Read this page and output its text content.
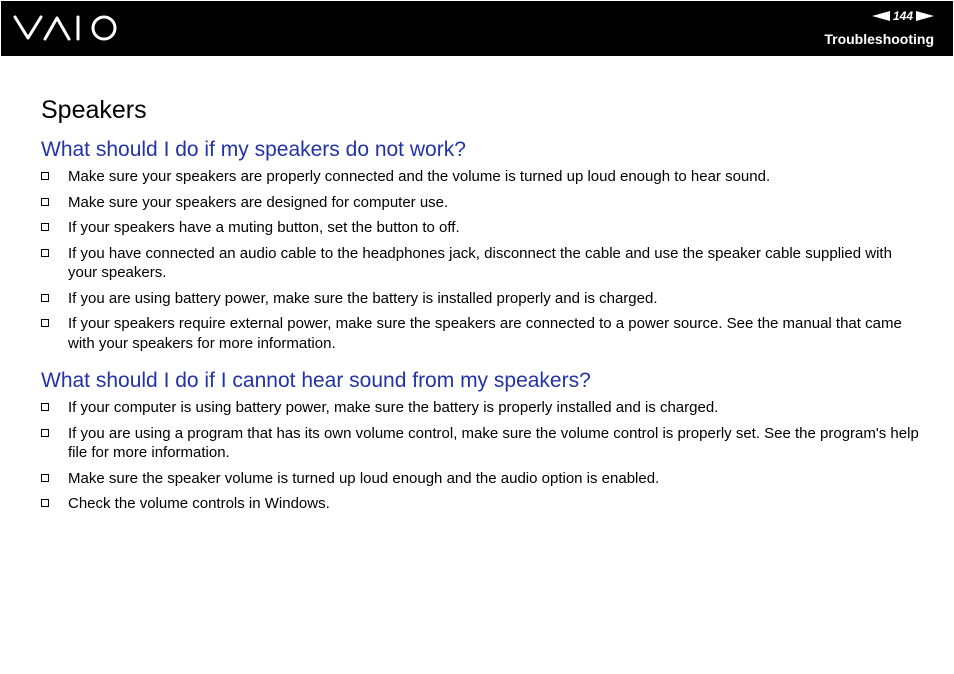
144
Troubleshooting
Speakers
What should I do if my speakers do not work?
Make sure your speakers are properly connected and the volume is turned up loud enough to hear sound.
Make sure your speakers are designed for computer use.
If your speakers have a muting button, set the button to off.
If you have connected an audio cable to the headphones jack, disconnect the cable and use the speaker cable supplied with your speakers.
If you are using battery power, make sure the battery is installed properly and is charged.
If your speakers require external power, make sure the speakers are connected to a power source. See the manual that came with your speakers for more information.
What should I do if I cannot hear sound from my speakers?
If your computer is using battery power, make sure the battery is properly installed and is charged.
If you are using a program that has its own volume control, make sure the volume control is properly set. See the program's help file for more information.
Make sure the speaker volume is turned up loud enough and the audio option is enabled.
Check the volume controls in Windows.
